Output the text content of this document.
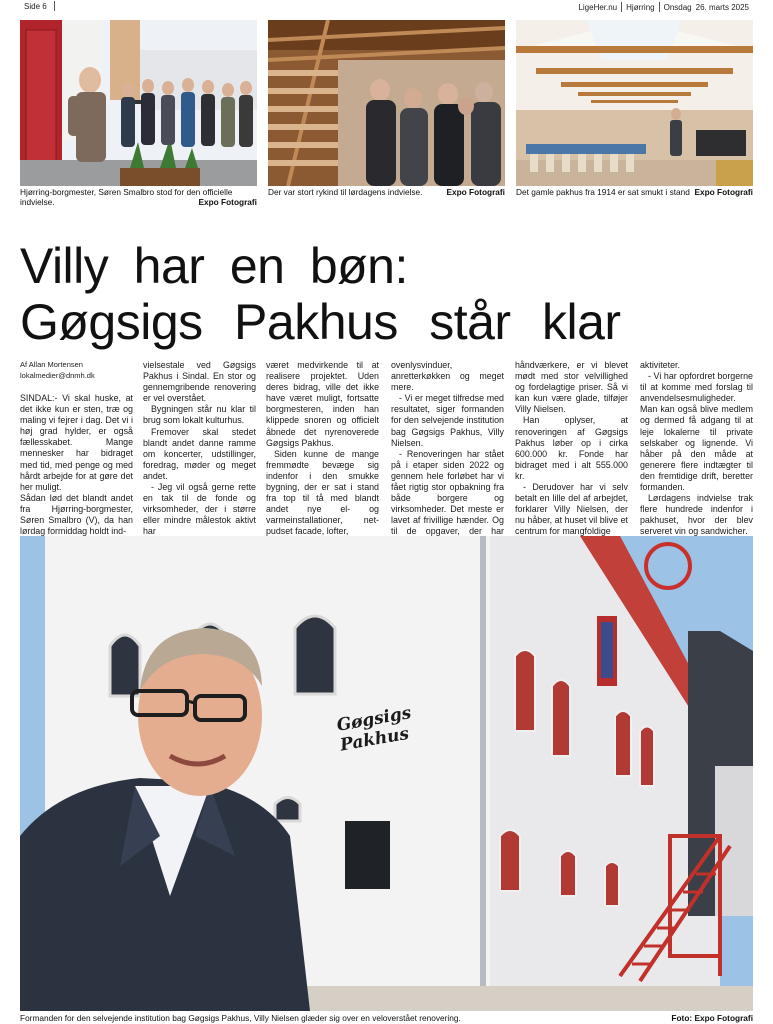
Side 6	LigeHer.nu Hjørring Onsdag 26. marts 2025
Hjørring-borgmester, Søren Smalbro stod for den officielle indvielse.	Expo Fotografi
Der var stort rykind til lørdagens indvielse.	Expo Fotografi Det gamle pakhus fra 1914 er sat smukt i stand Expo Fotografi
Villy har en bøn:
Gøgsigs Pakhus står klar
Af Allan Mortensen
lokalmedier@dnmh.dk

SINDAL:- Vi skal huske, at det ikke kun er sten, træ og maling vi fejrer i dag. Det vi i høj grad hylder, er også fællesskabet. Mange mennesker har bidraget med tid, med penge og med hårdt arbejde for at gøre det her muligt.

Sådan lød det blandt andet fra Hjørring-borgmester, Søren Smalbro (V), da han lørdag formiddag holdt ind-

vielsestale ved Gøgsigs Pakhus i Sindal. En stor og gennemgribende renovering er vel overstået.

Bygningen står nu klar til brug som lokalt kulturhus.

Fremover skal stedet blandt andet danne ramme om koncerter, udstillinger, foredrag, møder og meget andet.

- Jeg vil også gerne rette en tak til de fonde og virksomheder, der i større eller mindre målestok aktivt har

været medvirkende til at realisere projektet. Uden deres bidrag, ville det ikke have været muligt, fortsatte borgmesteren, inden han klippede snoren og officielt åbnede det nyrenoverede Gøgsigs Pakhus.

Siden kunne de mange fremmødte bevæge sig indenfor i den smukke bygning, der er sat i stand fra top til tå med blandt andet nye el- og varmeinstallationer, net-pudset facade, lofter,

ovenlysvinduer, anretterkøkken og meget mere.

- Vi er meget tilfredse med resultatet, siger formanden for den selvejende institution bag Gøgsigs Pakhus, Villy Nielsen.

- Renoveringen har stået på i etaper siden 2022 og gennem hele forløbet har vi fået rigtig stor opbakning fra både borgere og virksomheder. Det meste er lavet af frivillige hænder. Og til de opgaver, der har

håndværkere, er vi blevet mødt med stor velvillighed og fordelagtige priser. Så vi kan kun være glade, tilføjer Villy Nielsen.

Han oplyser, at renoveringen af Gøgsigs Pakhus løber op i cirka 600.000 kr. Fonde har bidraget med i alt 555.000 kr.

- Derudover har vi selv betalt en lille del af arbejdet, forklarer Villy Nielsen, der nu håber, at huset vil blive et centrum for mangfoldige

aktiviteter.

- Vi har opfordret borgerne til at komme med forslag til anvendelsesmuligheder. Man kan også blive medlem og dermed få adgang til at leje lokalerne til private selskaber og lignende. Vi håber på den måde at generere flere indtægter til den fremtidige drift, beretter formanden.

Lørdagens indvielse trak flere hundrede indenfor i pakhuset, hvor der blev serveret vin og sandwicher.

Gøgsigs Pakhus
Formanden for den selvejende institution bag Gøgsigs Pakhus, Villy Nielsen glæder sig over en veloverstået renovering.	Foto: Expo Fotografi
